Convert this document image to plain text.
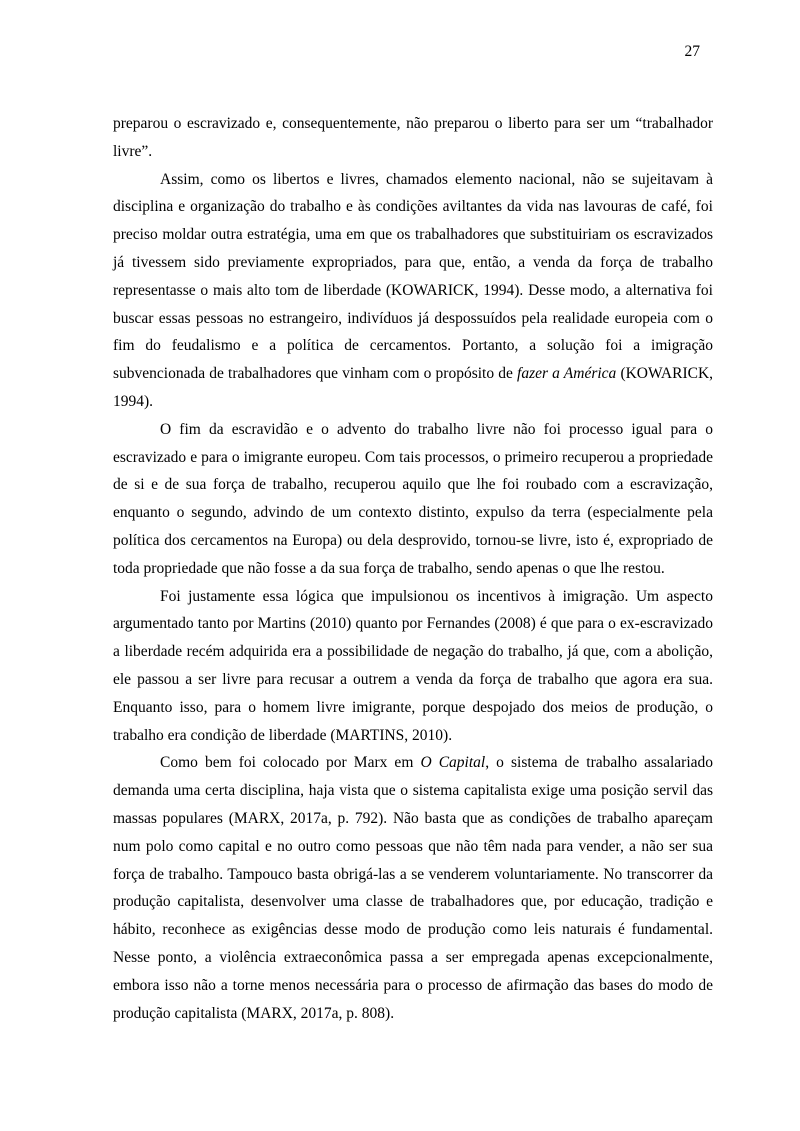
27

preparou o escravizado e, consequentemente, não preparou o liberto para ser um “trabalhador livre”.

Assim, como os libertos e livres, chamados elemento nacional, não se sujeitavam à disciplina e organização do trabalho e às condições aviltantes da vida nas lavouras de café, foi preciso moldar outra estratégia, uma em que os trabalhadores que substituiriam os escravizados já tivessem sido previamente expropriados, para que, então, a venda da força de trabalho representasse o mais alto tom de liberdade (KOWARICK, 1994). Desse modo, a alternativa foi buscar essas pessoas no estrangeiro, indivíduos já despossuídos pela realidade europeia com o fim do feudalismo e a política de cercamentos. Portanto, a solução foi a imigração subvencionada de trabalhadores que vinham com o propósito de fazer a América (KOWARICK, 1994).

O fim da escravidão e o advento do trabalho livre não foi processo igual para o escravizado e para o imigrante europeu. Com tais processos, o primeiro recuperou a propriedade de si e de sua força de trabalho, recuperou aquilo que lhe foi roubado com a escravização, enquanto o segundo, advindo de um contexto distinto, expulso da terra (especialmente pela política dos cercamentos na Europa) ou dela desprovido, tornou-se livre, isto é, expropriado de toda propriedade que não fosse a da sua força de trabalho, sendo apenas o que lhe restou.

Foi justamente essa lógica que impulsionou os incentivos à imigração. Um aspecto argumentado tanto por Martins (2010) quanto por Fernandes (2008) é que para o ex-escravizado a liberdade recém adquirida era a possibilidade de negação do trabalho, já que, com a abolição, ele passou a ser livre para recusar a outrem a venda da força de trabalho que agora era sua. Enquanto isso, para o homem livre imigrante, porque despojado dos meios de produção, o trabalho era condição de liberdade (MARTINS, 2010).

Como bem foi colocado por Marx em O Capital, o sistema de trabalho assalariado demanda uma certa disciplina, haja vista que o sistema capitalista exige uma posição servil das massas populares (MARX, 2017a, p. 792). Não basta que as condições de trabalho apareçam num polo como capital e no outro como pessoas que não têm nada para vender, a não ser sua força de trabalho. Tampouco basta obrigá-las a se venderem voluntariamente. No transcorrer da produção capitalista, desenvolver uma classe de trabalhadores que, por educação, tradição e hábito, reconhece as exigências desse modo de produção como leis naturais é fundamental. Nesse ponto, a violência extraeconômica passa a ser empregada apenas excepcionalmente, embora isso não a torne menos necessária para o processo de afirmação das bases do modo de produção capitalista (MARX, 2017a, p. 808).
